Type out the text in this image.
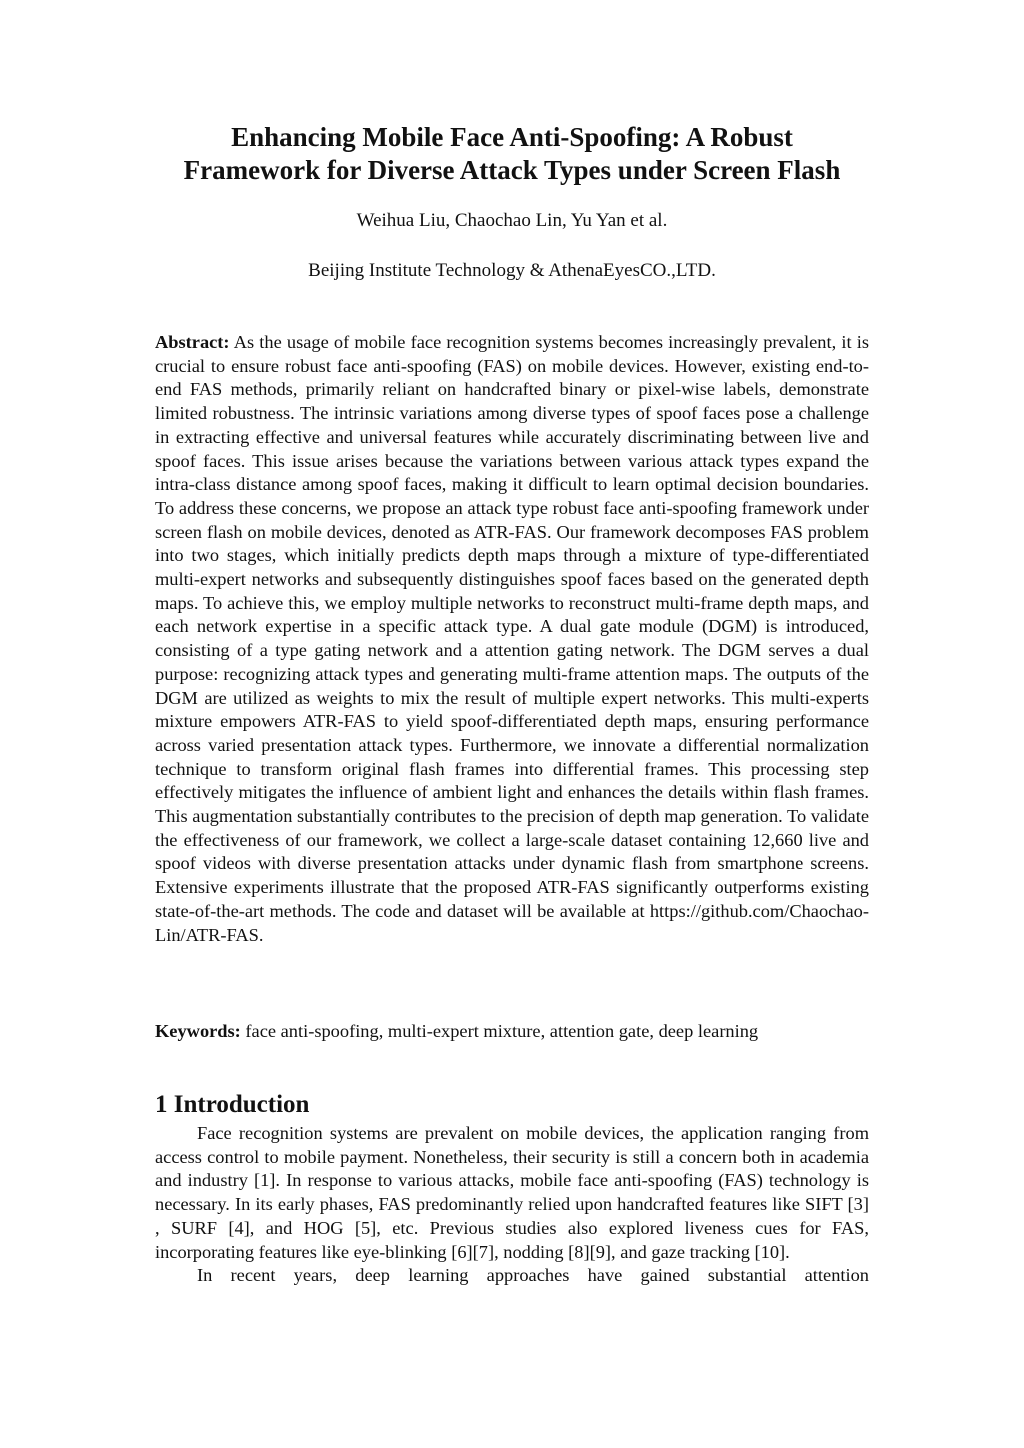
Enhancing Mobile Face Anti-Spoofing: A Robust
Framework for Diverse Attack Types under Screen Flash

Weihua Liu, Chaochao Lin, Yu Yan et al.

Beijing Institute Technology & AthenaEyesCO.,LTD.

Abstract: As the usage of mobile face recognition systems becomes increasingly prevalent, it is crucial to ensure robust face anti-spoofing (FAS) on mobile devices. However, existing end-to-end FAS methods, primarily reliant on handcrafted binary or pixel-wise labels, demonstrate limited robustness. The intrinsic variations among diverse types of spoof faces pose a challenge in extracting effective and universal features while accurately discriminating between live and spoof faces. This issue arises because the variations between various attack types expand the intra-class distance among spoof faces, making it difficult to learn optimal decision boundaries. To address these concerns, we propose an attack type robust face anti-spoofing framework under screen flash on mobile devices, denoted as ATR-FAS. Our framework decomposes FAS problem into two stages, which initially predicts depth maps through a mixture of type-differentiated multi-expert networks and subsequently distinguishes spoof faces based on the generated depth maps. To achieve this, we employ multiple networks to reconstruct multi-frame depth maps, and each network expertise in a specific attack type. A dual gate module (DGM) is introduced, consisting of a type gating network and a attention gating network. The DGM serves a dual purpose: recognizing attack types and generating multi-frame attention maps. The outputs of the DGM are utilized as weights to mix the result of multiple expert networks. This multi-experts mixture empowers ATR-FAS to yield spoof-differentiated depth maps, ensuring performance across varied presentation attack types. Furthermore, we innovate a differential normalization technique to transform original flash frames into differential frames. This processing step effectively mitigates the influence of ambient light and enhances the details within flash frames. This augmentation substantially contributes to the precision of depth map generation. To validate the effectiveness of our framework, we collect a large-scale dataset containing 12,660 live and spoof videos with diverse presentation attacks under dynamic flash from smartphone screens. Extensive experiments illustrate that the proposed ATR-FAS significantly outperforms existing state-of-the-art methods. The code and dataset will be available at https://github.com/Chaochao-Lin/ATR-FAS.

Keywords: face anti-spoofing, multi-expert mixture, attention gate, deep learning

1 Introduction

Face recognition systems are prevalent on mobile devices, the application ranging from access control to mobile payment. Nonetheless, their security is still a concern both in academia and industry [1]. In response to various attacks, mobile face anti-spoofing (FAS) technology is necessary. In its early phases, FAS predominantly relied upon handcrafted features like SIFT [3] , SURF [4], and HOG [5], etc. Previous studies also explored liveness cues for FAS, incorporating features like eye-blinking [6][7], nodding [8][9], and gaze tracking [10].

In recent years, deep learning approaches have gained substantial attention
